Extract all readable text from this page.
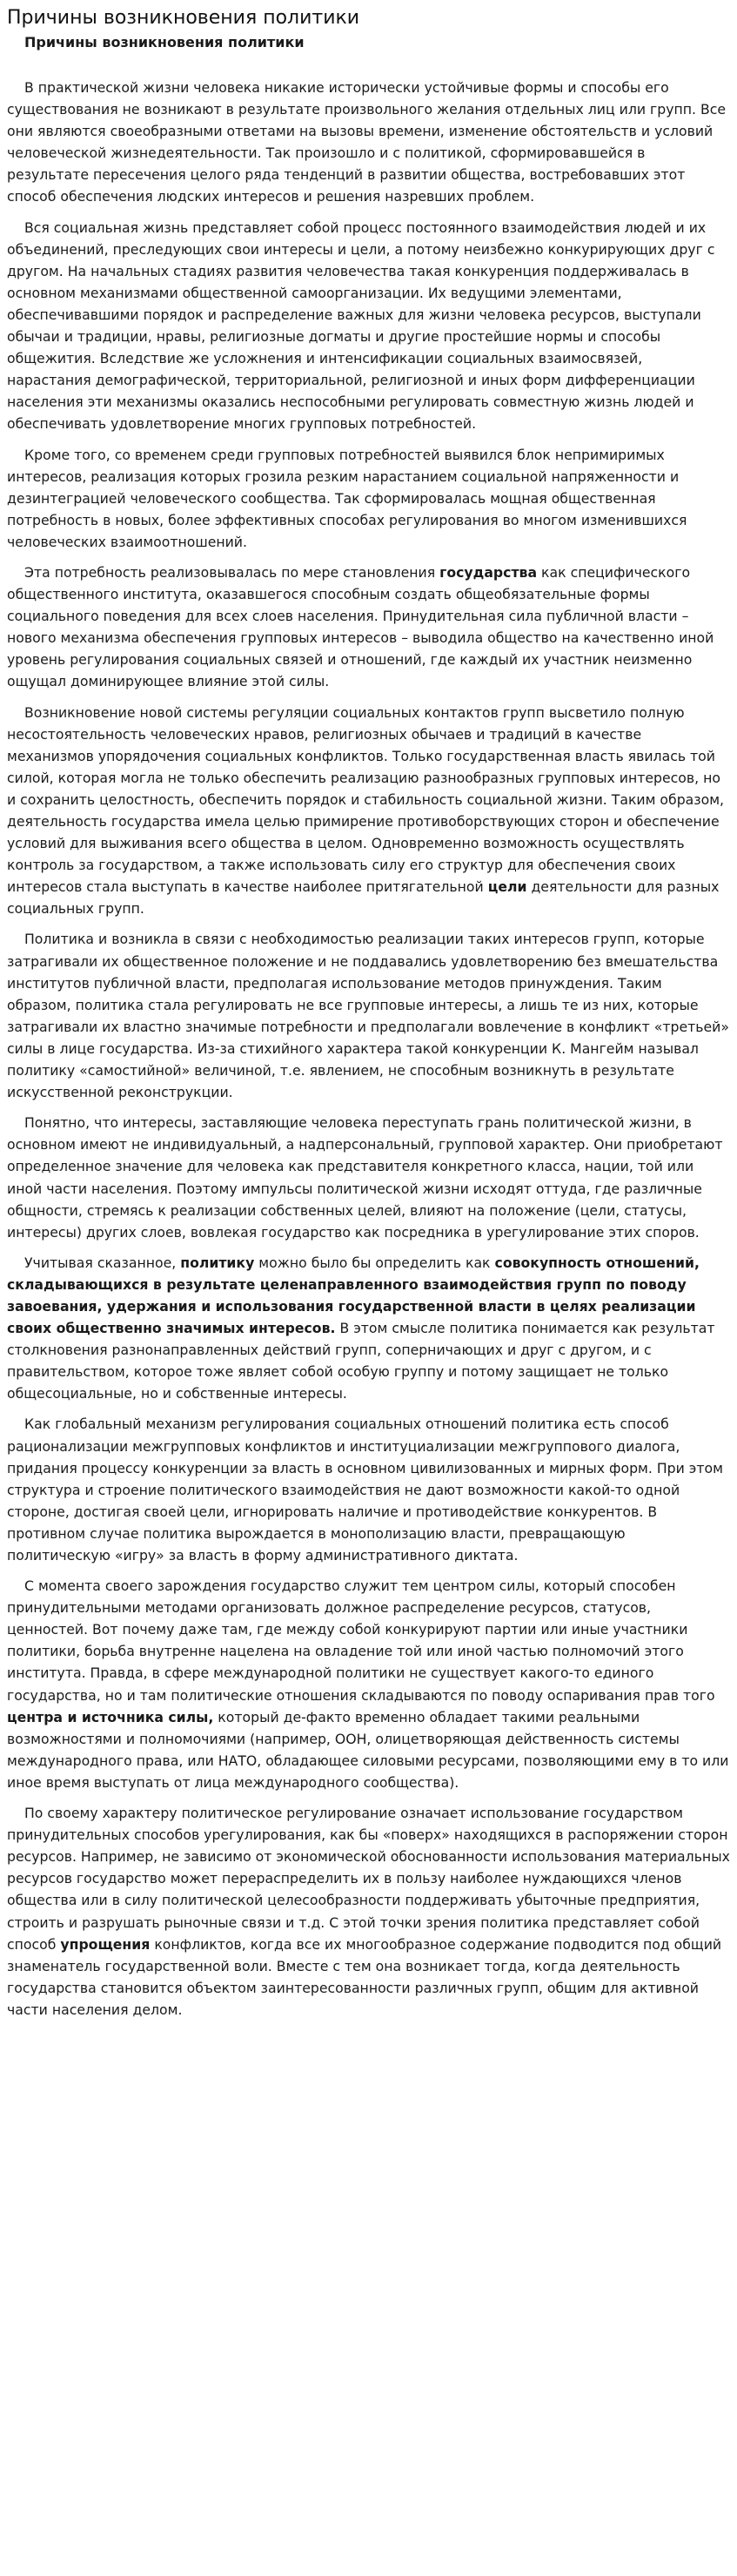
Причины возникновения политики
Причины возникновения политики

В практической жизни человека никакие исторически устойчивые формы и способы его существования не возникают в результате произвольного желания отдельных лиц или групп. Все они являются своеобразными ответами на вызовы времени, изменение обстоятельств и условий человеческой жизнедеятельности. Так произошло и с политикой, сформировавшейся в результате пересечения целого ряда тенденций в развитии общества, востребовавших этот способ обеспечения людских интересов и решения назревших проблем.

Вся социальная жизнь представляет собой процесс постоянного взаимодействия людей и их объединений, преследующих свои интересы и цели, а потому неизбежно конкурирующих друг с другом. На начальных стадиях развития человечества такая конкуренция поддерживалась в основном механизмами общественной самоорганизации. Их ведущими элементами, обеспечивавшими порядок и распределение важных для жизни человека ресурсов, выступали обычаи и традиции, нравы, религиозные догматы и другие простейшие нормы и способы общежития. Вследствие же усложнения и интенсификации социальных взаимосвязей, нарастания демографической, территориальной, религиозной и иных форм дифференциации населения эти механизмы оказались неспособными регулировать совместную жизнь людей и обеспечивать удовлетворение многих групповых потребностей.

Кроме того, со временем среди групповых потребностей выявился блок непримиримых интересов, реализация которых грозила резким нарастанием социальной напряженности и дезинтеграцией человеческого сообщества. Так сформировалась мощная общественная потребность в новых, более эффективных способах регулирования во многом изменившихся человеческих взаимоотношений.

Эта потребность реализовывалась по мере становления государства как специфического общественного института, оказавшегося способным создать общеобязательные формы социального поведения для всех слоев населения. Принудительная сила публичной власти – нового механизма обеспечения групповых интересов – выводила общество на качественно иной уровень регулирования социальных связей и отношений, где каждый их участник неизменно ощущал доминирующее влияние этой силы.

Возникновение новой системы регуляции социальных контактов групп высветило полную несостоятельность человеческих нравов, религиозных обычаев и традиций в качестве механизмов упорядочения социальных конфликтов. Только государственная власть явилась той силой, которая могла не только обеспечить реализацию разнообразных групповых интересов, но и сохранить целостность, обеспечить порядок и стабильность социальной жизни. Таким образом, деятельность государства имела целью примирение противоборствующих сторон и обеспечение условий для выживания всего общества в целом. Одновременно возможность осуществлять контроль за государством, а также использовать силу его структур для обеспечения своих интересов стала выступать в качестве наиболее притягательной цели деятельности для разных социальных групп.

Политика и возникла в связи с необходимостью реализации таких интересов групп, которые затрагивали их общественное положение и не поддавались удовлетворению без вмешательства институтов публичной власти, предполагая использование методов принуждения. Таким образом, политика стала регулировать не все групповые интересы, а лишь те из них, которые затрагивали их властно значимые потребности и предполагали вовлечение в конфликт «третьей» силы в лице государства. Из-за стихийного характера такой конкуренции К. Мангейм называл политику «самостийной» величиной, т.е. явлением, не способным возникнуть в результате искусственной реконструкции.

Понятно, что интересы, заставляющие человека переступать грань политической жизни, в основном имеют не индивидуальный, а надперсональный, групповой характер. Они приобретают определенное значение для человека как представителя конкретного класса, нации, той или иной части населения. Поэтому импульсы политической жизни исходят оттуда, где различные общности, стремясь к реализации собственных целей, влияют на положение (цели, статусы, интересы) других слоев, вовлекая государство как посредника в урегулирование этих споров.

Учитывая сказанное, политику можно было бы определить как совокупность отношений, складывающихся в результате целенаправленного взаимодействия групп по поводу завоевания, удержания и использования государственной власти в целях реализации своих общественно значимых интересов. В этом смысле политика понимается как результат столкновения разнонаправленных действий групп, соперничающих и друг с другом, и с правительством, которое тоже являет собой особую группу и потому защищает не только общесоциальные, но и собственные интересы.

Как глобальный механизм регулирования социальных отношений политика есть способ рационализации межгрупповых конфликтов и институциализации межгруппового диалога, придания процессу конкуренции за власть в основном цивилизованных и мирных форм. При этом структура и строение политического взаимодействия не дают возможности какой-то одной стороне, достигая своей цели, игнорировать наличие и противодействие конкурентов. В противном случае политика вырождается в монополизацию власти, превращающую политическую «игру» за власть в форму административного диктата.

С момента своего зарождения государство служит тем центром силы, который способен принудительными методами организовать должное распределение ресурсов, статусов, ценностей. Вот почему даже там, где между собой конкурируют партии или иные участники политики, борьба внутренне нацелена на овладение той или иной частью полномочий этого института. Правда, в сфере международной политики не существует какого-то единого государства, но и там политические отношения складываются по поводу оспаривания прав того центра и источника силы, который де-факто временно обладает такими реальными возможностями и полномочиями (например, ООН, олицетворяющая действенность системы международного права, или НАТО, обладающее силовыми ресурсами, позволяющими ему в то или иное время выступать от лица международного сообщества).

По своему характеру политическое регулирование означает использование государством принудительных способов урегулирования, как бы «поверх» находящихся в распоряжении сторон ресурсов. Например, не зависимо от экономической обоснованности использования материальных ресурсов государство может перераспределить их в пользу наиболее нуждающихся членов общества или в силу политической целесообразности поддерживать убыточные предприятия, строить и разрушать рыночные связи и т.д. С этой точки зрения политика представляет собой способ упрощения конфликтов, когда все их многообразное содержание подводится под общий знаменатель государственной воли. Вместе с тем она возникает тогда, когда деятельность государства становится объектом заинтересованности различных групп, общим для активной части населения делом.
